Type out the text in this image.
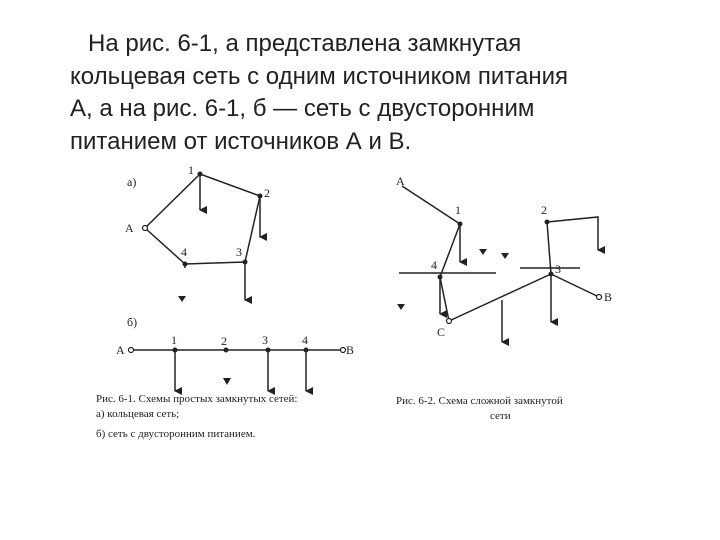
На рис. 6-1, а представлена замкнутая
кольцевая сеть с одним источником питания
А, а на рис. 6-1, б — сеть с двусторонним
питанием от источников А и В.
а)
А
1
2
3
4
б)
А	В
1	2	3	4
Рис. 6-1. Схемы простых замкнутых сетей:
а) кольцевая сеть;
б) сеть с двусторонним питанием.
А
В
С
1	2
3
4
Рис. 6-2. Схема сложной замкнутой
сети
